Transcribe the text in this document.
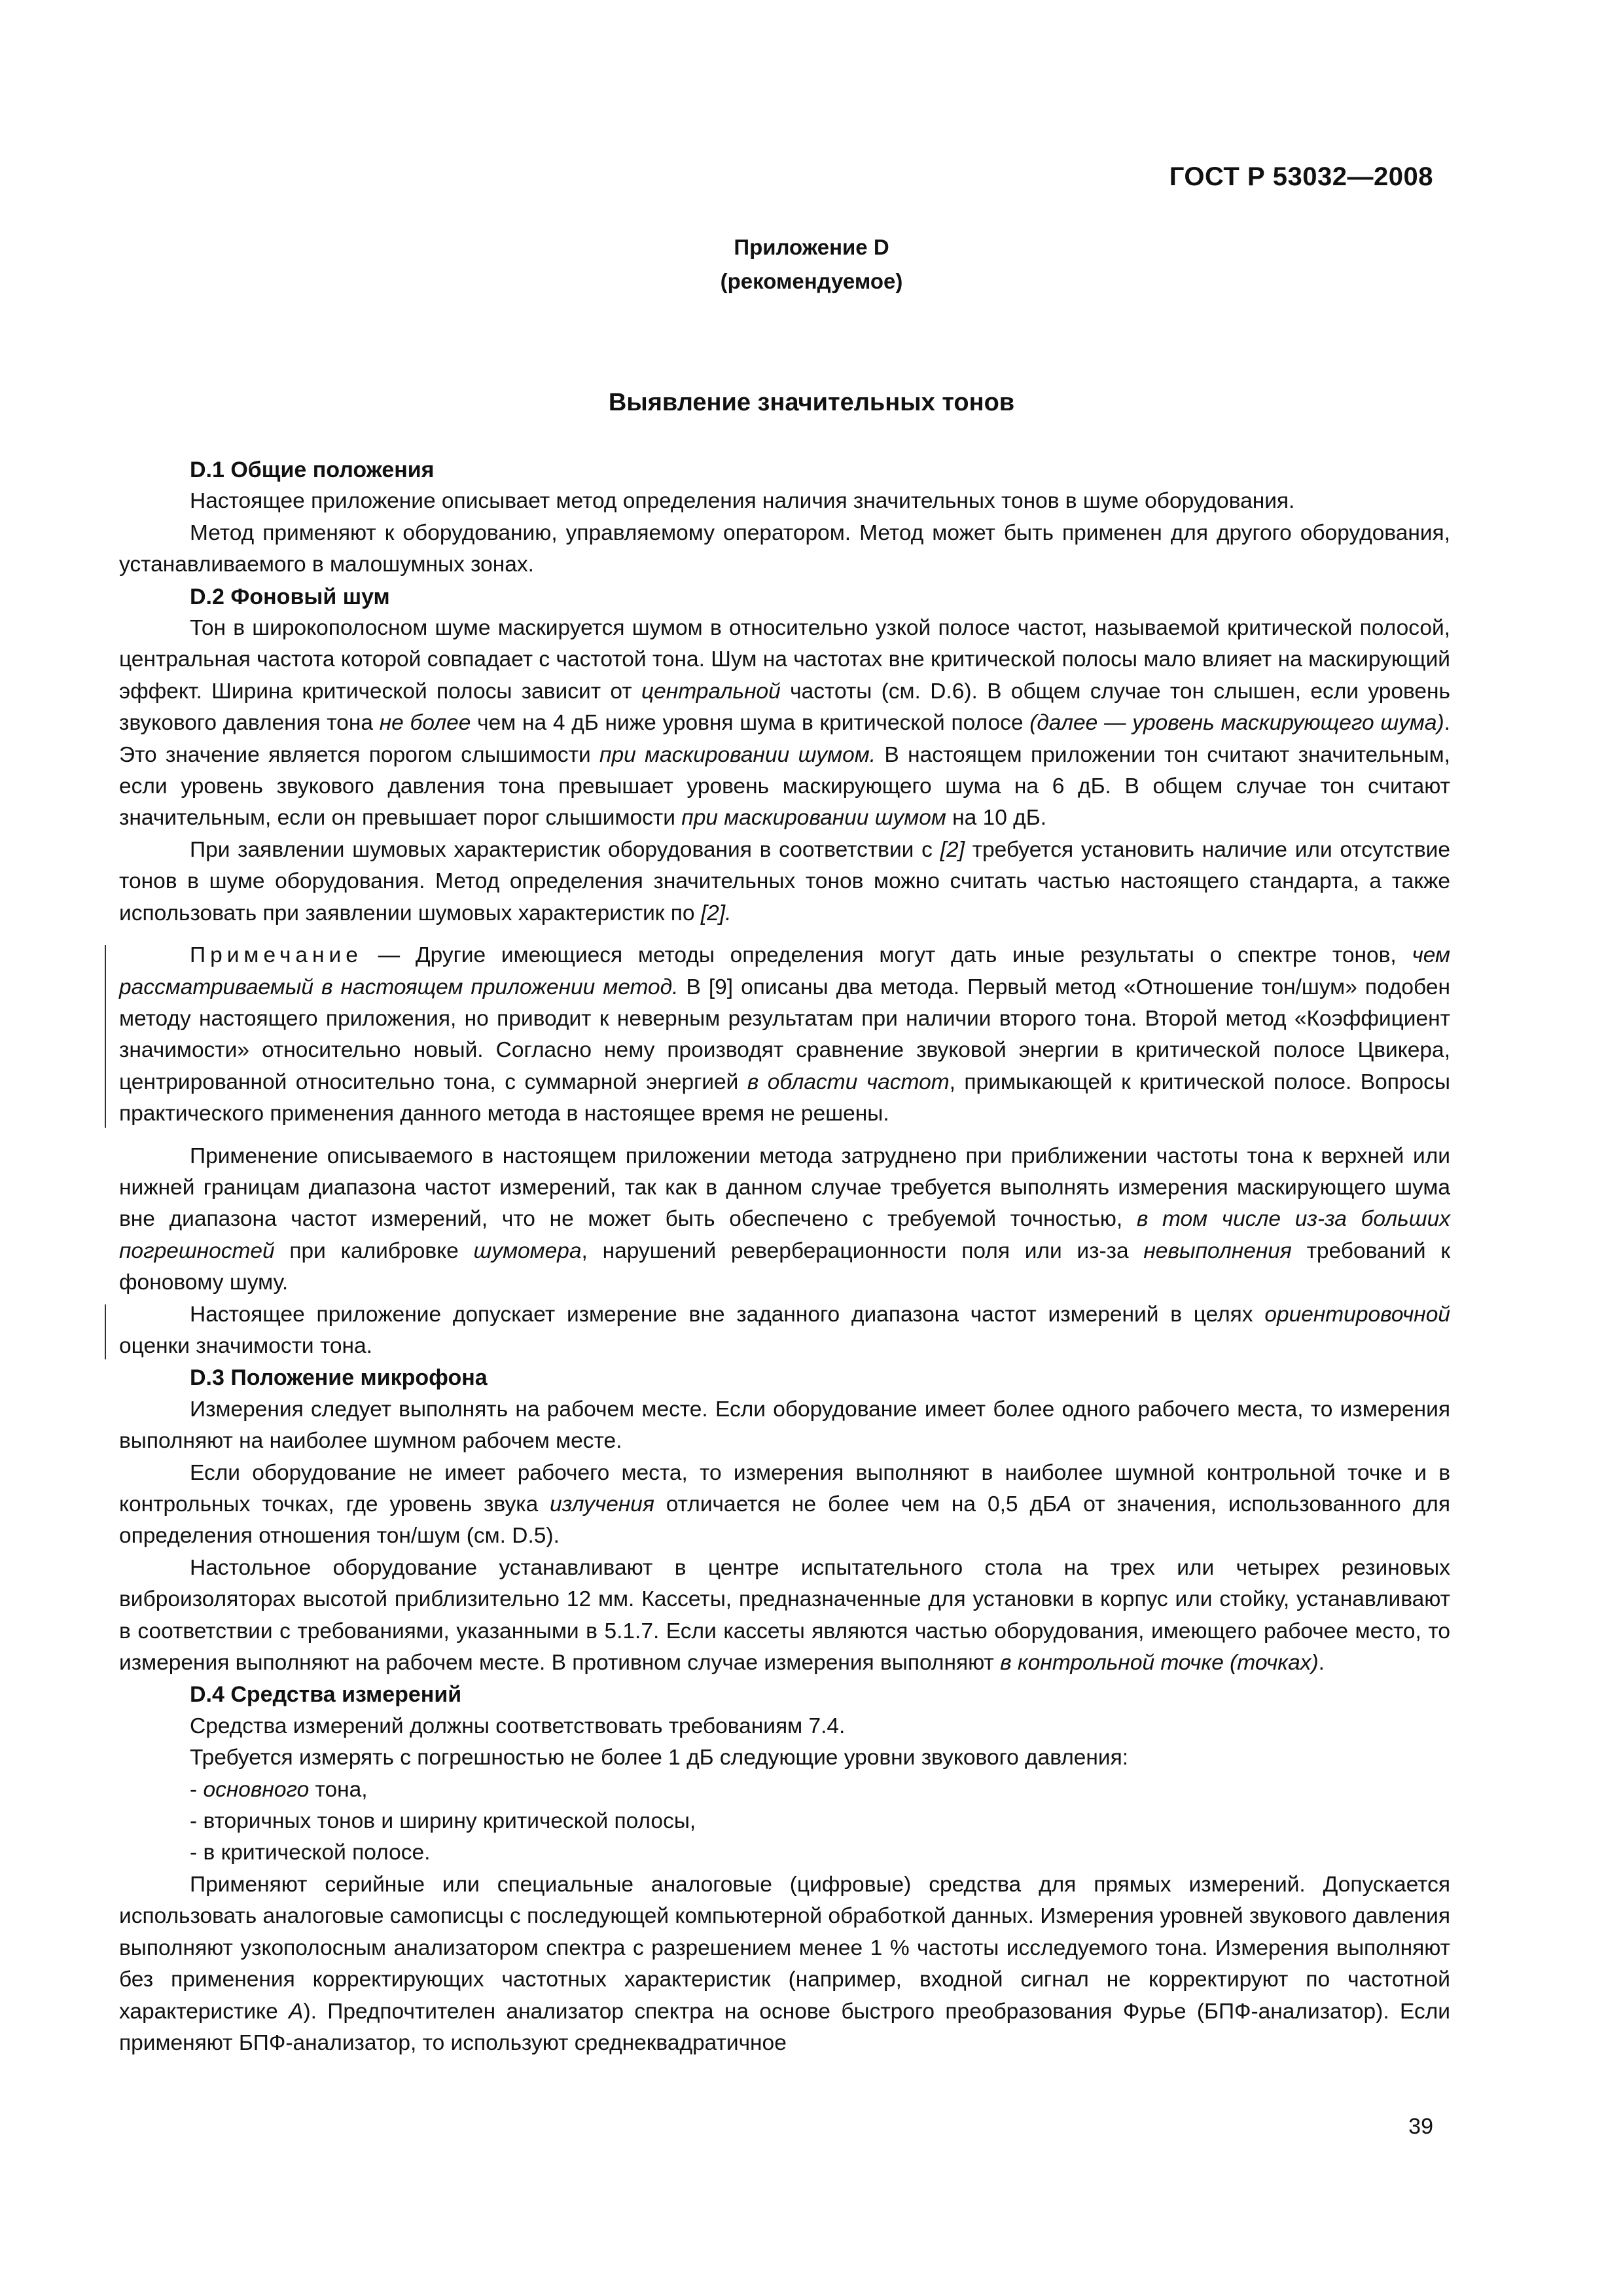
ГОСТ Р 53032—2008
Приложение D
(рекомендуемое)
Выявление значительных тонов
D.1 Общие положения

Настоящее приложение описывает метод определения наличия значительных тонов в шуме оборудования.

Метод применяют к оборудованию, управляемому оператором. Метод может быть применен для другого оборудования, устанавливаемого в малошумных зонах.

D.2 Фоновый шум

Тон в широкополосном шуме маскируется шумом в относительно узкой полосе частот, называемой критической полосой, центральная частота которой совпадает с частотой тона. Шум на частотах вне критической полосы мало влияет на маскирующий эффект. Ширина критической полосы зависит от центральной частоты (см. D.6). В общем случае тон слышен, если уровень звукового давления тона не более чем на 4 дБ ниже уровня шума в критической полосе (далее — уровень маскирующего шума). Это значение является порогом слышимости при маскировании шумом. В настоящем приложении тон считают значительным, если уровень звукового давления тона превышает уровень маскирующего шума на 6 дБ. В общем случае тон считают значительным, если он превышает порог слышимости при маскировании шумом на 10 дБ.

При заявлении шумовых характеристик оборудования в соответствии с [2] требуется установить наличие или отсутствие тонов в шуме оборудования. Метод определения значительных тонов можно считать частью настоящего стандарта, а также использовать при заявлении шумовых характеристик по [2].

Примечание — Другие имеющиеся методы определения могут дать иные результаты о спектре тонов, чем рассматриваемый в настоящем приложении метод. В [9] описаны два метода. Первый метод «Отношение тон/шум» подобен методу настоящего приложения, но приводит к неверным результатам при наличии второго тона. Второй метод «Коэффициент значимости» относительно новый. Согласно нему производят сравнение звуковой энергии в критической полосе Цвикера, центрированной относительно тона, с суммарной энергией в области частот, примыкающей к критической полосе. Вопросы практического применения данного метода в настоящее время не решены.

Применение описываемого в настоящем приложении метода затруднено при приближении частоты тона к верхней или нижней границам диапазона частот измерений, так как в данном случае требуется выполнять измерения маскирующего шума вне диапазона частот измерений, что не может быть обеспечено с требуемой точностью, в том числе из-за больших погрешностей при калибровке шумомера, нарушений реверберационности поля или из-за невыполнения требований к фоновому шуму.

Настоящее приложение допускает измерение вне заданного диапазона частот измерений в целях ориентировочной оценки значимости тона.

D.3 Положение микрофона

Измерения следует выполнять на рабочем месте. Если оборудование имеет более одного рабочего места, то измерения выполняют на наиболее шумном рабочем месте.

Если оборудование не имеет рабочего места, то измерения выполняют в наиболее шумной контрольной точке и в контрольных точках, где уровень звука излучения отличается не более чем на 0,5 дБА от значения, использованного для определения отношения тон/шум (см. D.5).

Настольное оборудование устанавливают в центре испытательного стола на трех или четырех резиновых виброизоляторах высотой приблизительно 12 мм. Кассеты, предназначенные для установки в корпус или стойку, устанавливают в соответствии с требованиями, указанными в 5.1.7. Если кассеты являются частью оборудования, имеющего рабочее место, то измерения выполняют на рабочем месте. В противном случае измерения выполняют в контрольной точке (точках).

D.4 Средства измерений

Средства измерений должны соответствовать требованиям 7.4.

Требуется измерять с погрешностью не более 1 дБ следующие уровни звукового давления:

- основного тона,
- вторичных тонов и ширину критической полосы,
- в критической полосе.

Применяют серийные или специальные аналоговые (цифровые) средства для прямых измерений. Допускается использовать аналоговые самописцы с последующей компьютерной обработкой данных. Измерения уровней звукового давления выполняют узкополосным анализатором спектра с разрешением менее 1 % частоты исследуемого тона. Измерения выполняют без применения корректирующих частотных характеристик (например, входной сигнал не корректируют по частотной характеристике А). Предпочтителен анализатор спектра на основе быстрого преобразования Фурье (БПФ-анализатор). Если применяют БПФ-анализатор, то используют среднеквадратичное

39
